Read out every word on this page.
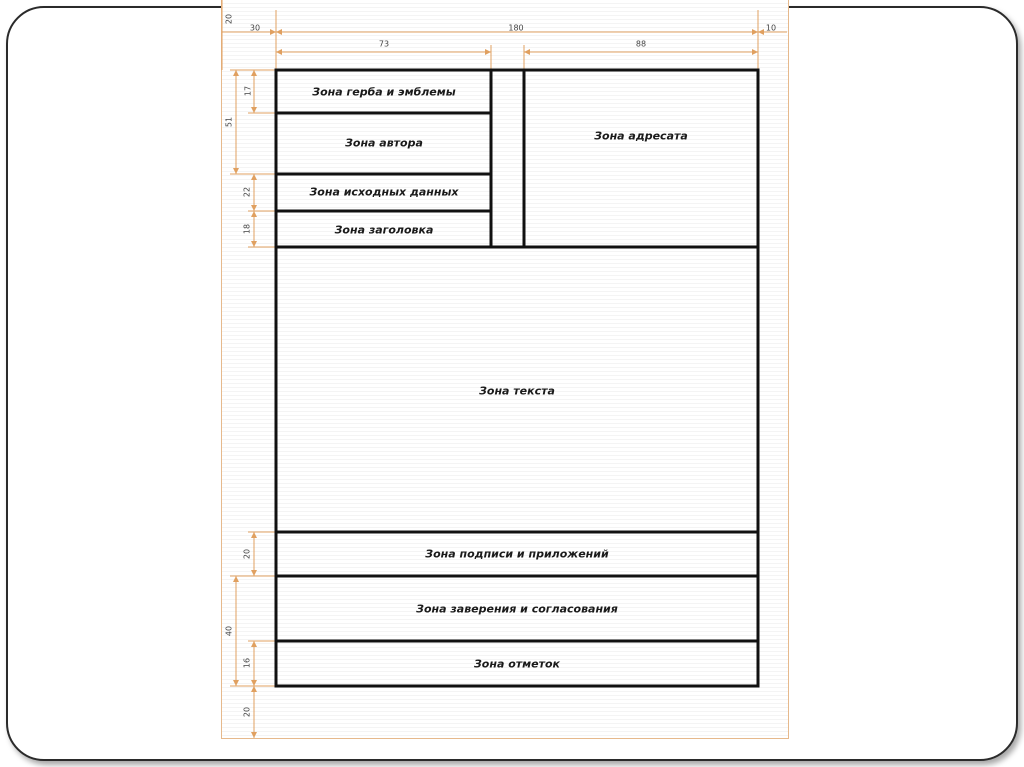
Зона герба и эмблемы
Зона автора
Зона исходных данных
Зона заголовка
Зона адресата
Зона текста
Зона подписи и приложений
Зона заверения и согласования
Зона отметок
20
30	180	10
73	88
17
51
22
18
20
40
16
20
